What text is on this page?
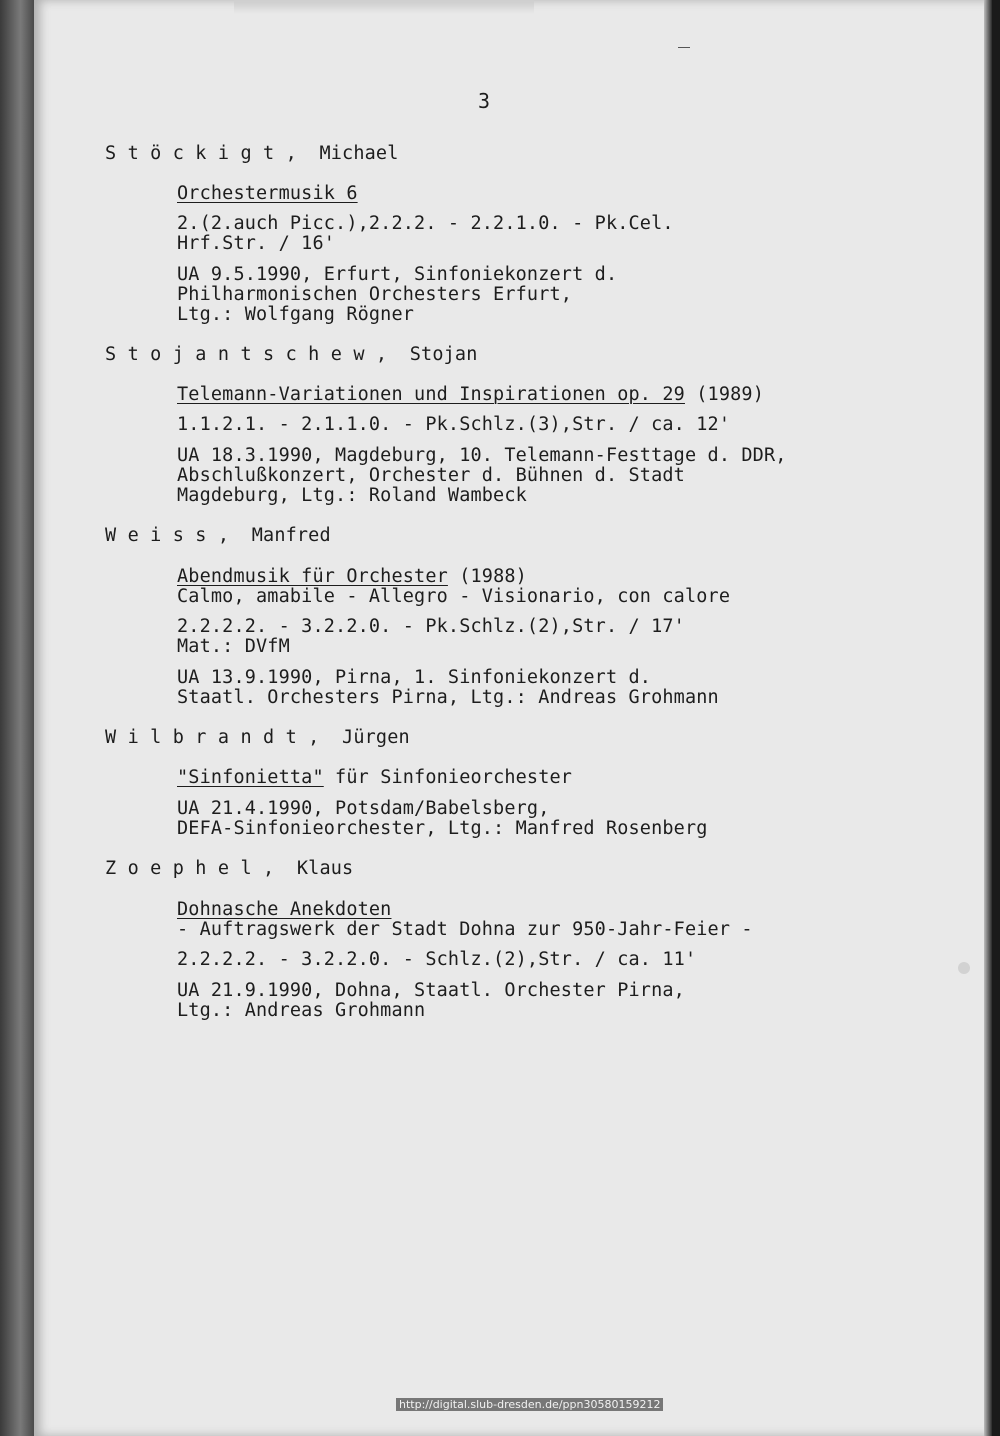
3
S t ö c k i g t ,  Michael
Orchestermusik 6
2.(2.auch Picc.),2.2.2. - 2.2.1.0. - Pk.Cel.
Hrf.Str. / 16'
UA 9.5.1990, Erfurt, Sinfoniekonzert d.
Philharmonischen Orchesters Erfurt,
Ltg.: Wolfgang Rögner
S t o j a n t s c h e w ,  Stojan
Telemann-Variationen und Inspirationen op. 29 (1989)
1.1.2.1. - 2.1.1.0. - Pk.Schlz.(3),Str. / ca. 12'
UA 18.3.1990, Magdeburg, 10. Telemann-Festtage d. DDR,
Abschlußkonzert, Orchester d. Bühnen d. Stadt
Magdeburg, Ltg.: Roland Wambeck
W e i s s ,  Manfred
Abendmusik für Orchester (1988)
Calmo, amabile - Allegro - Visionario, con calore
2.2.2.2. - 3.2.2.0. - Pk.Schlz.(2),Str. / 17'
Mat.: DVfM
UA 13.9.1990, Pirna, 1. Sinfoniekonzert d.
Staatl. Orchesters Pirna, Ltg.: Andreas Grohmann
W i l b r a n d t ,  Jürgen
"Sinfonietta" für Sinfonieorchester
UA 21.4.1990, Potsdam/Babelsberg,
DEFA-Sinfonieorchester, Ltg.: Manfred Rosenberg
Z o e p h e l ,  Klaus
Dohnasche Anekdoten
- Auftragswerk der Stadt Dohna zur 950-Jahr-Feier -
2.2.2.2. - 3.2.2.0. - Schlz.(2),Str. / ca. 11'
UA 21.9.1990, Dohna, Staatl. Orchester Pirna,
Ltg.: Andreas Grohmann
http://digital.slub-dresden.de/ppn30580159212
